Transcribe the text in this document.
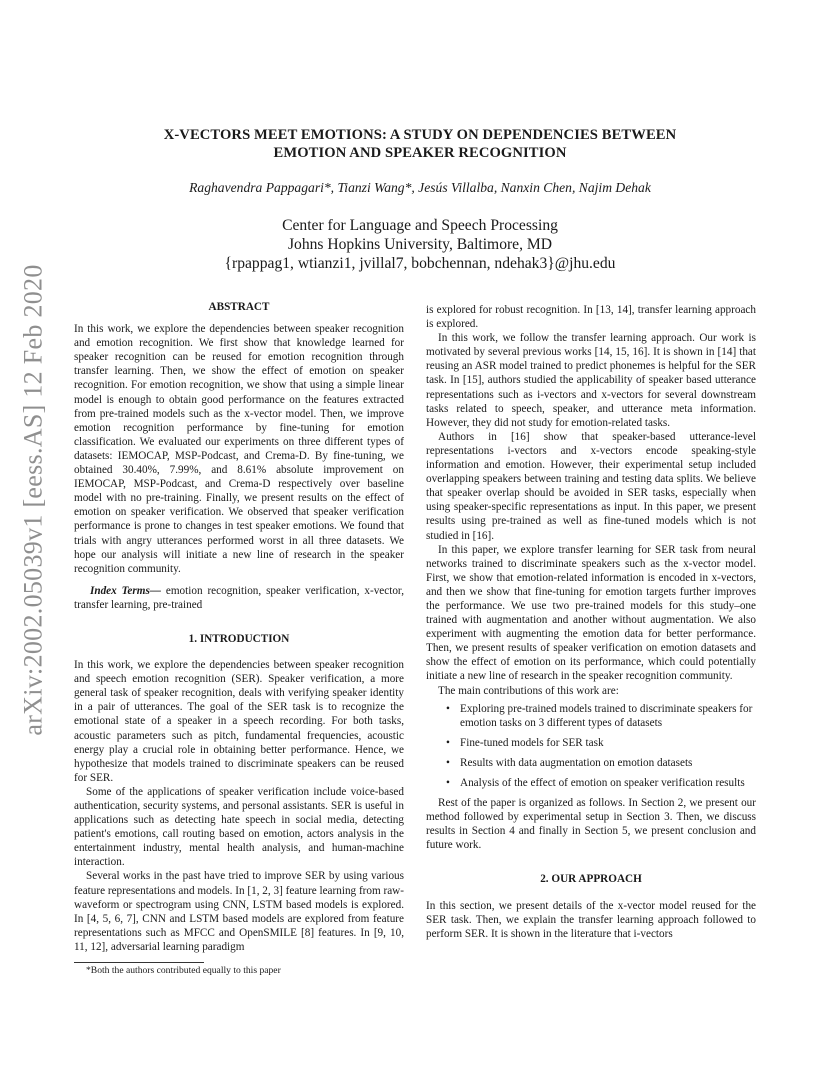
arXiv:2002.05039v1 [eess.AS] 12 Feb 2020
X-VECTORS MEET EMOTIONS: A STUDY ON DEPENDENCIES BETWEEN
EMOTION AND SPEAKER RECOGNITION
Raghavendra Pappagari*, Tianzi Wang*, Jesús Villalba, Nanxin Chen, Najim Dehak
Center for Language and Speech Processing
Johns Hopkins University, Baltimore, MD
{rpappag1, wtianzi1, jvillal7, bobchennan, ndehak3}@jhu.edu

ABSTRACT

In this work, we explore the dependencies between speaker recognition and emotion recognition. We first show that knowledge learned for speaker recognition can be reused for emotion recognition through transfer learning. Then, we show the effect of emotion on speaker recognition. For emotion recognition, we show that using a simple linear model is enough to obtain good performance on the features extracted from pre-trained models such as the x-vector model. Then, we improve emotion recognition performance by fine-tuning for emotion classification. We evaluated our experiments on three different types of datasets: IEMOCAP, MSP-Podcast, and Crema-D. By fine-tuning, we obtained 30.40%, 7.99%, and 8.61% absolute improvement on IEMOCAP, MSP-Podcast, and Crema-D respectively over baseline model with no pre-training. Finally, we present results on the effect of emotion on speaker verification. We observed that speaker verification performance is prone to changes in test speaker emotions. We found that trials with angry utterances performed worst in all three datasets. We hope our analysis will initiate a new line of research in the speaker recognition community.

Index Terms— emotion recognition, speaker verification, x-vector, transfer learning, pre-trained

1. INTRODUCTION

In this work, we explore the dependencies between speaker recognition and speech emotion recognition (SER). Speaker verification, a more general task of speaker recognition, deals with verifying speaker identity in a pair of utterances. The goal of the SER task is to recognize the emotional state of a speaker in a speech recording. For both tasks, acoustic parameters such as pitch, fundamental frequencies, acoustic energy play a crucial role in obtaining better performance. Hence, we hypothesize that models trained to discriminate speakers can be reused for SER.

Some of the applications of speaker verification include voice-based authentication, security systems, and personal assistants. SER is useful in applications such as detecting hate speech in social media, detecting patient's emotions, call routing based on emotion, actors analysis in the entertainment industry, mental health analysis, and human-machine interaction.

Several works in the past have tried to improve SER by using various feature representations and models. In [1, 2, 3] feature learning from raw-waveform or spectrogram using CNN, LSTM based models is explored. In [4, 5, 6, 7], CNN and LSTM based models are explored from feature representations such as MFCC and OpenSMILE [8] features. In [9, 10, 11, 12], adversarial learning paradigm

is explored for robust recognition. In [13, 14], transfer learning approach is explored.

In this work, we follow the transfer learning approach. Our work is motivated by several previous works [14, 15, 16]. It is shown in [14] that reusing an ASR model trained to predict phonemes is helpful for the SER task. In [15], authors studied the applicability of speaker based utterance representations such as i-vectors and x-vectors for several downstream tasks related to speech, speaker, and utterance meta information. However, they did not study for emotion-related tasks.

Authors in [16] show that speaker-based utterance-level representations i-vectors and x-vectors encode speaking-style information and emotion. However, their experimental setup included overlapping speakers between training and testing data splits. We believe that speaker overlap should be avoided in SER tasks, especially when using speaker-specific representations as input. In this paper, we present results using pre-trained as well as fine-tuned models which is not studied in [16].

In this paper, we explore transfer learning for SER task from neural networks trained to discriminate speakers such as the x-vector model. First, we show that emotion-related information is encoded in x-vectors, and then we show that fine-tuning for emotion targets further improves the performance. We use two pre-trained models for this study–one trained with augmentation and another without augmentation. We also experiment with augmenting the emotion data for better performance. Then, we present results of speaker verification on emotion datasets and show the effect of emotion on its performance, which could potentially initiate a new line of research in the speaker recognition community.

The main contributions of this work are:

• Exploring pre-trained models trained to discriminate speakers for emotion tasks on 3 different types of datasets
• Fine-tuned models for SER task
• Results with data augmentation on emotion datasets
• Analysis of the effect of emotion on speaker verification results

Rest of the paper is organized as follows. In Section 2, we present our method followed by experimental setup in Section 3. Then, we discuss results in Section 4 and finally in Section 5, we present conclusion and future work.

2. OUR APPROACH

In this section, we present details of the x-vector model reused for the SER task. Then, we explain the transfer learning approach followed to perform SER. It is shown in the literature that i-vectors

*Both the authors contributed equally to this paper
